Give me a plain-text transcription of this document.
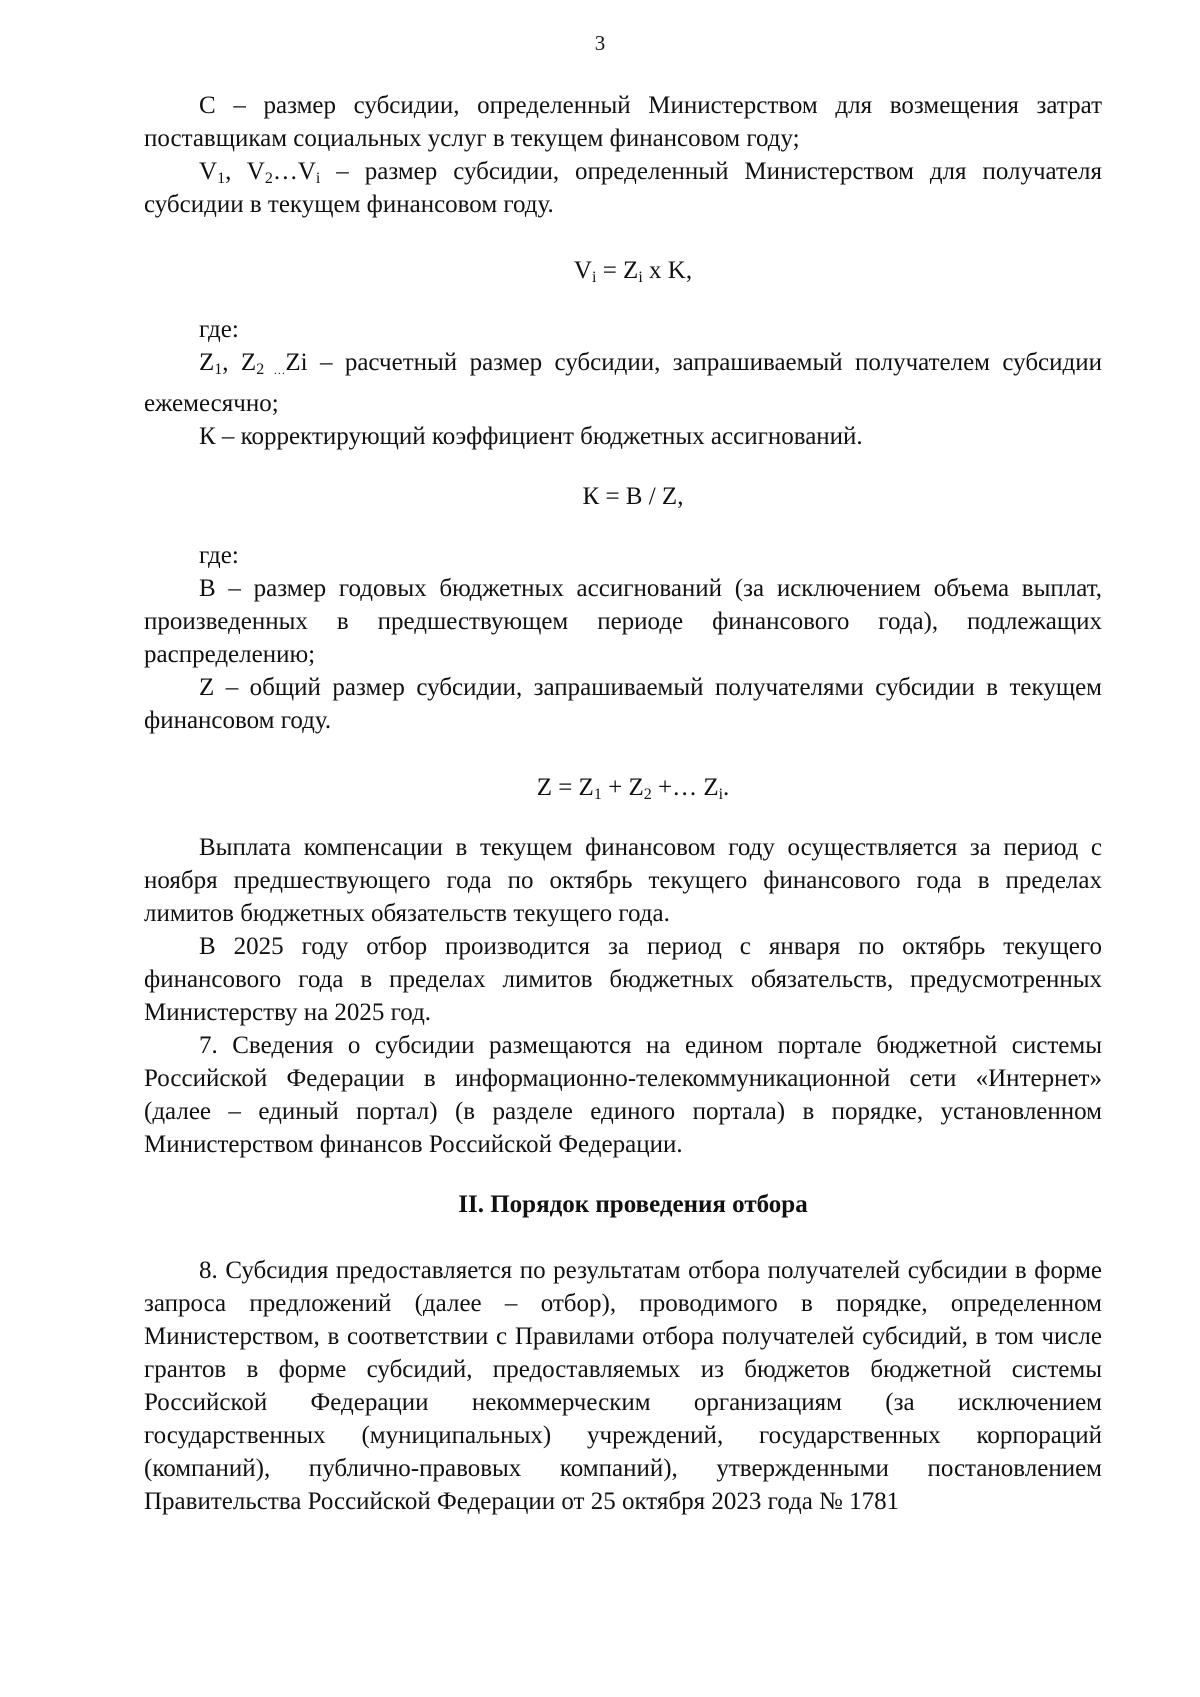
3

С – размер субсидии, определенный Министерством для возмещения затрат поставщикам социальных услуг в текущем финансовом году;

$V_1$, $V_2\dots V_i$ – размер субсидии, определенный Министерством для получателя субсидии в текущем финансовом году.

$V_i = Z_i$ x K,

где:

$Z_1$, $Z_2$ …Zi – расчетный размер субсидии, запрашиваемый получателем субсидии ежемесячно;

К – корректирующий коэффициент бюджетных ассигнований.

К = В / Z,

где:

В – размер годовых бюджетных ассигнований (за исключением объема выплат, произведенных в предшествующем периоде финансового года), подлежащих распределению;

Z – общий размер субсидии, запрашиваемый получателями субсидии в текущем финансовом году.

$Z = Z_1 + Z_2$ +… $Z_i$.

Выплата компенсации в текущем финансовом году осуществляется за период с ноября предшествующего года по октябрь текущего финансового года в пределах лимитов бюджетных обязательств текущего года.

В 2025 году отбор производится за период с января по октябрь текущего финансового года в пределах лимитов бюджетных обязательств, предусмотренных Министерству на 2025 год.

7. Сведения о субсидии размещаются на едином портале бюджетной системы Российской Федерации в информационно-телекоммуникационной сети «Интернет» (далее – единый портал) (в разделе единого портала) в порядке, установленном Министерством финансов Российской Федерации.

II. Порядок проведения отбора

8. Субсидия предоставляется по результатам отбора получателей субсидии в форме запроса предложений (далее – отбор), проводимого в порядке, определенном Министерством, в соответствии с Правилами отбора получателей субсидий, в том числе грантов в форме субсидий, предоставляемых из бюджетов бюджетной системы Российской Федерации некоммерческим организациям (за исключением государственных (муниципальных) учреждений, государственных корпораций (компаний), публично-правовых компаний), утвержденными постановлением Правительства Российской Федерации от 25 октября 2023 года № 1781
